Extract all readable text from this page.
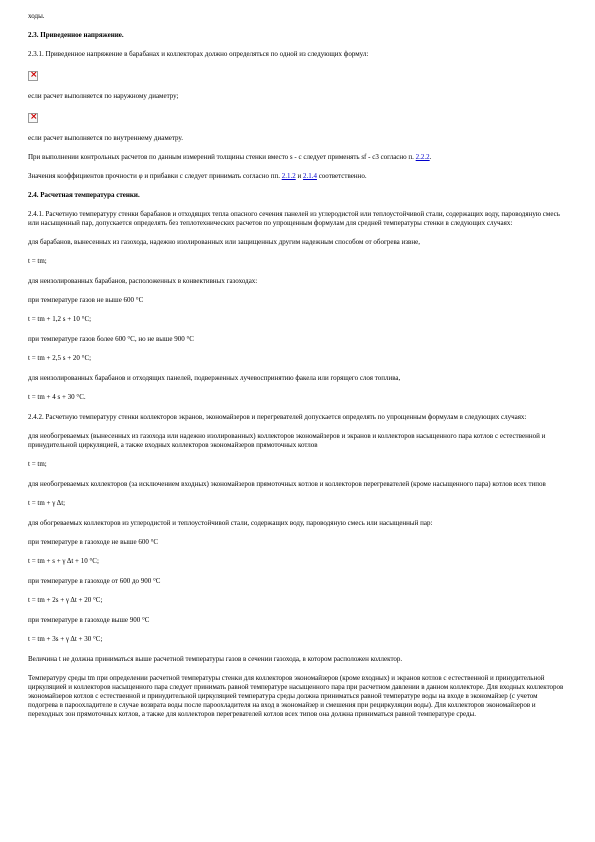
ходы.

2.3. Приведенное напряжение.

2.3.1. Приведенное напряжение в барабанах и коллекторах должно определяться по одной из следующих формул:

×

если расчет выполняется по наружному диаметру;

×

если расчет выполняется по внутреннему диаметру.

При выполнении контрольных расчетов по данным измерений толщины стенки вместо s - c следует применять sf - c3 согласно п. 2.2.2.

Значения коэффициентов прочности φ и прибавки c следует принимать согласно пп. 2.1.2 и 2.1.4 соответственно.

2.4. Расчетная температура стенки.

2.4.1. Расчетную температуру стенки барабанов и отходящих тепла опасного сечения панелей из углеродистой или теплоустойчивой стали, содержащих воду, пароводяную смесь или насыщенный пар, допускается определять без теплотехнических расчетов по упрощенным формулам для средней температуры стенки в следующих случаях:

для барабанов, вынесенных из газохода, надежно изолированных или защищенных другим надежным способом от обогрева извне,

t = tm;

для неизолированных барабанов, расположенных в конвективных газоходах:

при температуре газов не выше 600 °C

t = tm + 1,2 s + 10 °C;

при температуре газов более 600 °C, но не выше 900 °C

t = tm + 2,5 s + 20 °C;

для неизолированных барабанов и отходящих панелей, подверженных лучевоспринятию факела или горящего слоя топлива,

t = tm + 4 s + 30 °C.

2.4.2. Расчетную температуру стенки коллекторов экранов, экономайзеров и перегревателей допускается определять по упрощенным формулам в следующих случаях:

для необогреваемых (вынесенных из газохода или надежно изолированных) коллекторов экономайзеров и экранов и коллекторов насыщенного пара котлов с естественной и принудительной циркуляцией, а также входных коллекторов экономайзеров прямоточных котлов

t = tm;

для необогреваемых коллекторов (за исключением входных) экономайзеров прямоточных котлов и коллекторов перегревателей (кроме насыщенного пара) котлов всех типов

t = tm + γ Δt;

для обогреваемых коллекторов из углеродистой и теплоустойчивой стали, содержащих воду, пароводяную смесь или насыщенный пар:

при температуре в газоходе не выше 600 °C

t = tm + s + γ Δt + 10 °C;

при температуре в газоходе от 600 до 900 °C

t = tm + 2s + γ Δt + 20 °C;

при температуре в газоходе выше 900 °C

t = tm + 3s + γ Δt + 30 °C;

Величина t не должна приниматься выше расчетной температуры газов в сечении газохода, в котором расположен коллектор.

Температуру среды tm при определении расчетной температуры стенки для коллекторов экономайзеров (кроме входных) и экранов котлов с естественной и принудительной циркуляцией и коллекторов насыщенного пара следует принимать равной температуре насыщенного пара при расчетном давлении в данном коллекторе. Для входных коллекторов экономайзеров котлов с естественной и принудительной циркуляцией температура среды должна приниматься равной температуре воды на входе в экономайзер (с учетом подогрева в пароохладителе в случае возврата воды после пароохладителя на вход в экономайзер и смешения при рециркуляции воды). Для коллекторов экономайзеров и переходных зон прямоточных котлов, а также для коллекторов перегревателей котлов всех типов она должна приниматься равной температуре среды.
